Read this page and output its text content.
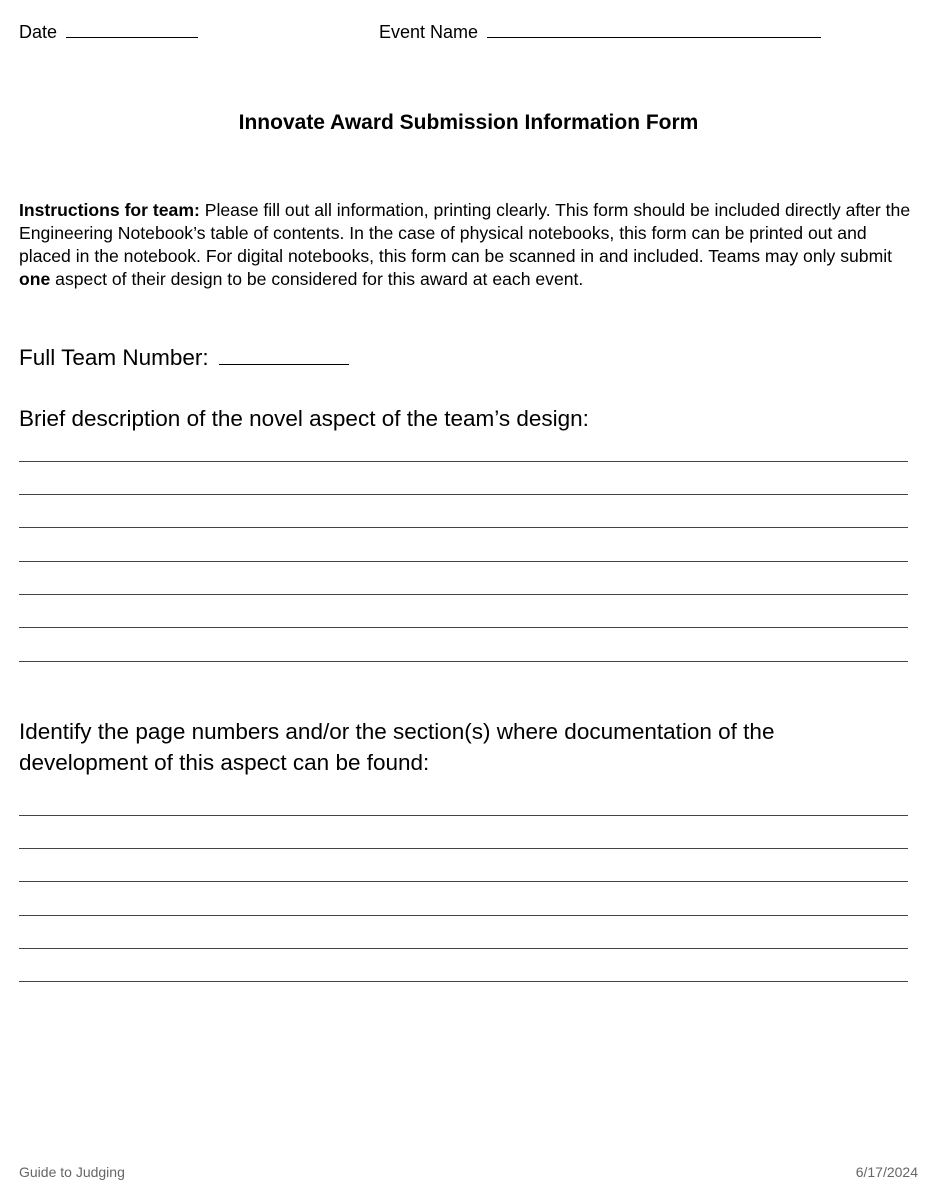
Date	Event Name
Innovate Award Submission Information Form
Instructions for team: Please fill out all information, printing clearly. This form should be included directly after the Engineering Notebook’s table of contents. In the case of physical notebooks, this form can be printed out and placed in the notebook. For digital notebooks, this form can be scanned in and included. Teams may only submit one aspect of their design to be considered for this award at each event.
Full Team Number:
Brief description of the novel aspect of the team’s design:
Identify the page numbers and/or the section(s) where documentation of the development of this aspect can be found:
Guide to Judging	6/17/2024
